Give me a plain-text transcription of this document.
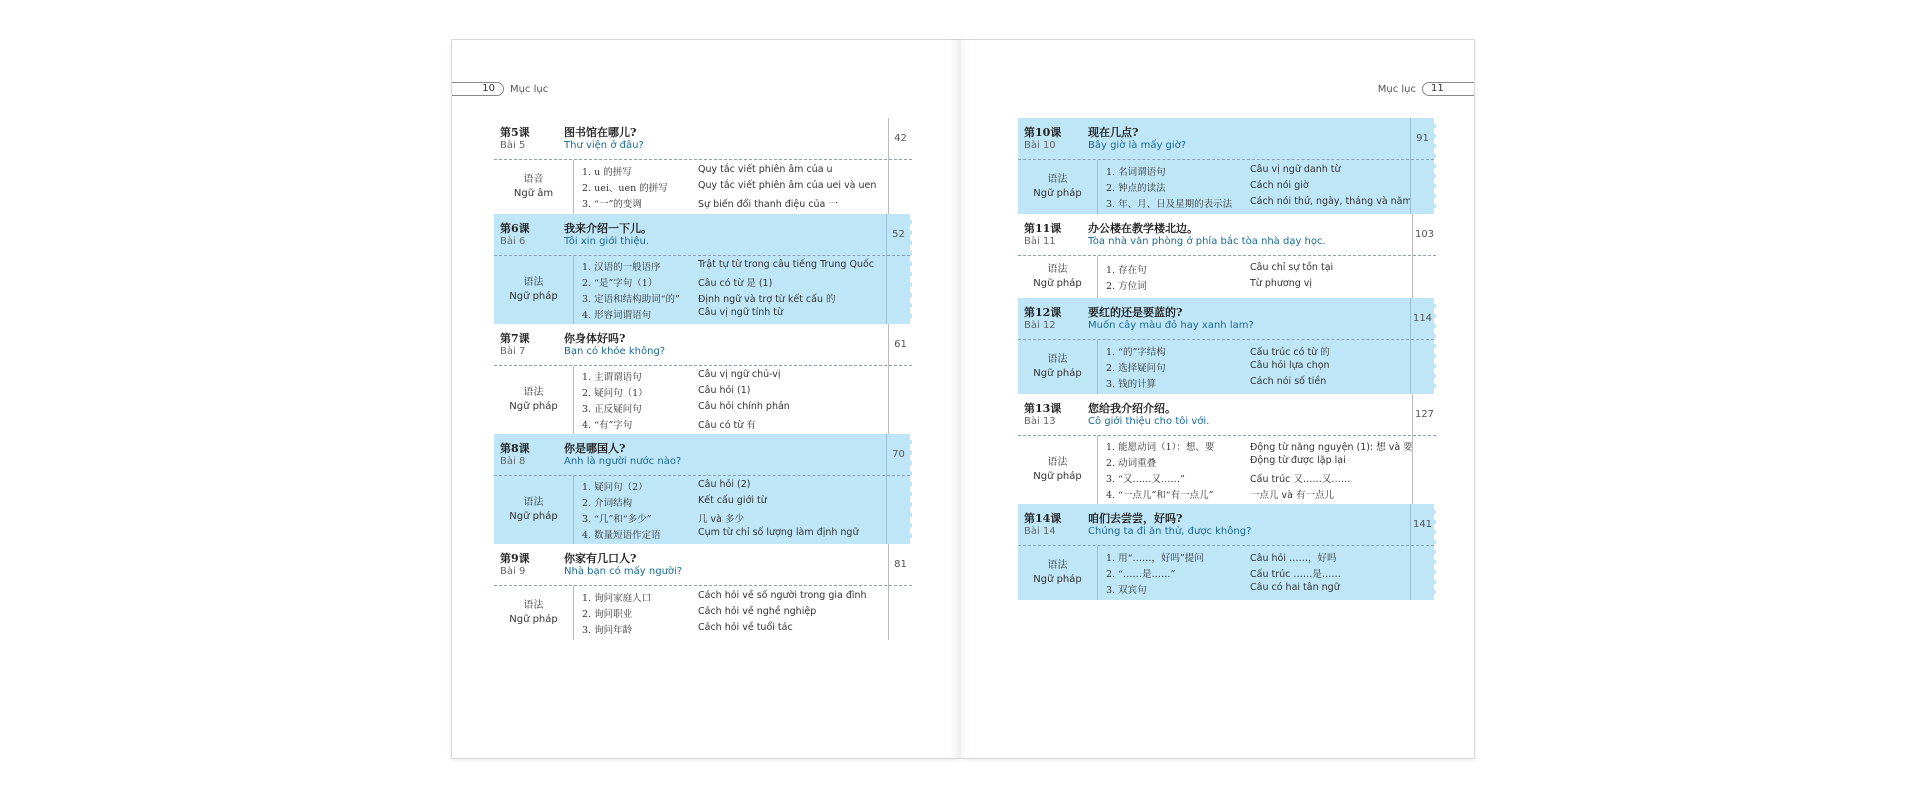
10	Mục lục
第5课
Bài 5
图书馆在哪儿?
Thư viện ở đâu?
42
语音
Ngữ âm
1. u 的拼写	Quy tắc viết phiên âm của u
2. uei、uen 的拼写	Quy tắc viết phiên âm của uei và uen
3. “一”的变调	Sự biến đổi thanh điệu của 一
第6课
Bài 6
我来介绍一下儿。
Tôi xin giới thiệu.
52
语法
Ngữ pháp
1. 汉语的一般语序	Trật tự từ trong câu tiếng Trung Quốc
2. “是”字句（1）	Câu có từ 是 (1)
3. 定语和结构助词“的” Định ngữ và trợ từ kết cấu 的
4. 形容词谓语句	Câu vị ngữ tính từ
第7课
Bài 7
你身体好吗?
Bạn có khỏe không?
61
语法
Ngữ pháp
1. 主谓谓语句	Câu vị ngữ chủ-vị
2. 疑问句（1）	Câu hỏi (1)
3. 正反疑问句	Câu hỏi chính phản
4. “有”字句	Câu có từ 有
第8课
Bài 8
你是哪国人?
Anh là người nước nào?
70
语法
Ngữ pháp
1. 疑问句（2）	Câu hỏi (2)
2. 介词结构	Kết cấu giới từ
3. “几”和“多少”	几 và 多少
4. 数量短语作定语	Cụm từ chỉ số lượng làm định ngữ
第9课
Bài 9
你家有几口人?
Nhà bạn có mấy người?
81
语法
Ngữ pháp
1. 询问家庭人口	Cách hỏi về số người trong gia đình
2. 询问职业	Cách hỏi về nghề nghiệp
3. 询问年龄	Cách hỏi về tuổi tác
Mục lục	11
第10课
Bài 10
现在几点?
Bây giờ là mấy giờ?
91
语法
Ngữ pháp
1. 名词谓语句	Câu vị ngữ danh từ
2. 钟点的读法	Cách nói giờ
3. 年、月、日及星期的表示法 Cách nói thứ, ngày, tháng và năm
第11课
Bài 11
办公楼在教学楼北边。
Tòa nhà văn phòng ở phía bắc tòa nhà dạy học.
103
语法
Ngữ pháp
1. 存在句	Câu chỉ sự tồn tại
2. 方位词	Từ phương vị
第12课
Bài 12
要红的还是要蓝的?
Muốn cây màu đỏ hay xanh lam?
114
语法
Ngữ pháp
1. “的”字结构	Cấu trúc có từ 的
2. 选择疑问句	Câu hỏi lựa chọn
3. 钱的计算	Cách nói số tiền
第13课
Bài 13
您给我介绍介绍。
Cô giới thiệu cho tôi với.
127
语法
Ngữ pháp
1. 能愿动词（1）：想、要	Động từ năng nguyện (1): 想 và 要
2. 动词重叠	Động từ được lặp lại
3. “又……又……”	Cấu trúc 又……又……
4. “一点儿”和“有一点儿”	一点儿 và 有一点儿
第14课
Bài 14
咱们去尝尝，好吗?
Chúng ta đi ăn thử, được không?
141
语法
Ngữ pháp
1. 用“……，好吗”提问	Câu hỏi ……，好吗
2. “……是……”	Cấu trúc ……是……
3. 双宾句	Câu có hai tân ngữ
